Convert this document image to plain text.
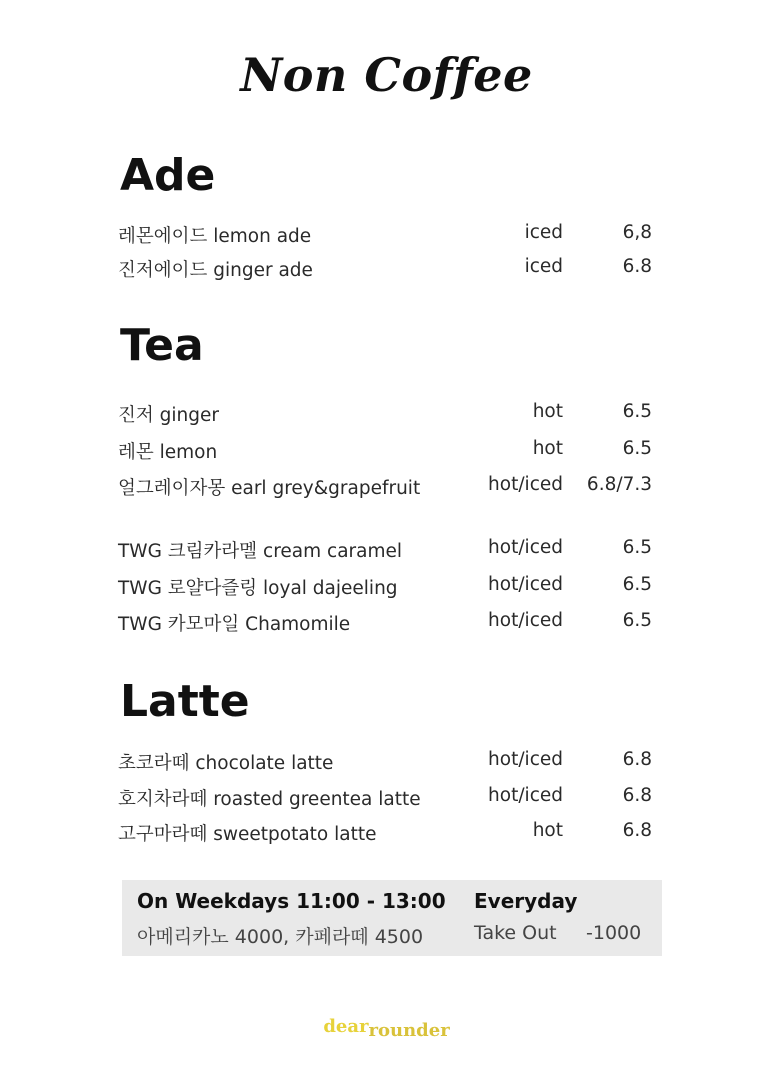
Non Coffee
Ade
레몬에이드 lemon ade	iced	6,8
진저에이드 ginger ade	iced	6.8
Tea
진저 ginger	hot	6.5
레몬 lemon	hot	6.5
얼그레이자몽 earl grey&grapefruit	hot/iced 6.8/7.3
TWG 크림카라멜 cream caramel	hot/iced	6.5
TWG 로얄다즐링 loyal dajeeling	hot/iced	6.5
TWG 카모마일 Chamomile	hot/iced	6.5
Latte
초코라떼 chocolate latte	hot/iced	6.8
호지차라떼 roasted greentea latte	hot/iced	6.8
고구마라떼 sweetpotato latte	hot	6.8
On Weekdays 11:00 - 13:00
아메리카노 4000, 카페라떼 4500
Everyday
Take Out -1000
dearrounder
